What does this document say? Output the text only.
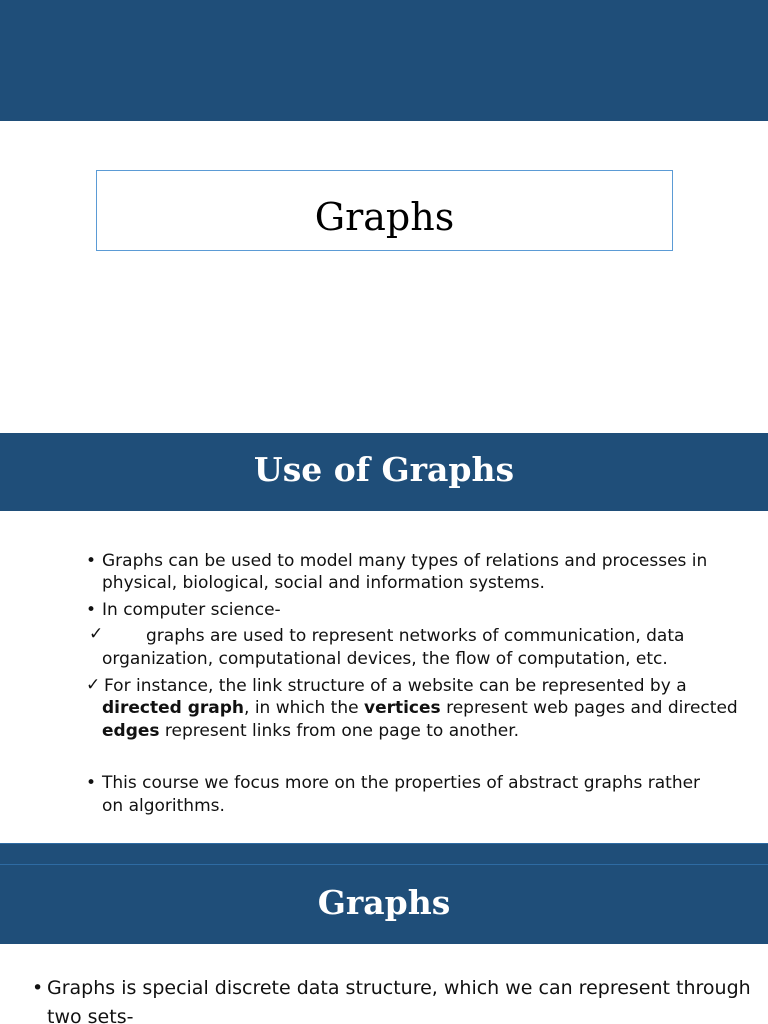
Graphs
Use of Graphs
• Graphs can be used to model many types of relations and processes in
physical, biological, social and information systems.
• In computer science-
✓	graphs are used to represent networks of communication, data
organization, computational devices, the flow of computation, etc.
✓ For instance, the link structure of a website can be represented by a
directed graph, in which the vertices represent web pages and directed
edges represent links from one page to another.
• This course we focus more on the properties of abstract graphs rather
on algorithms.
Graphs
• Graphs is special discrete data structure, which we can represent through
two sets-
